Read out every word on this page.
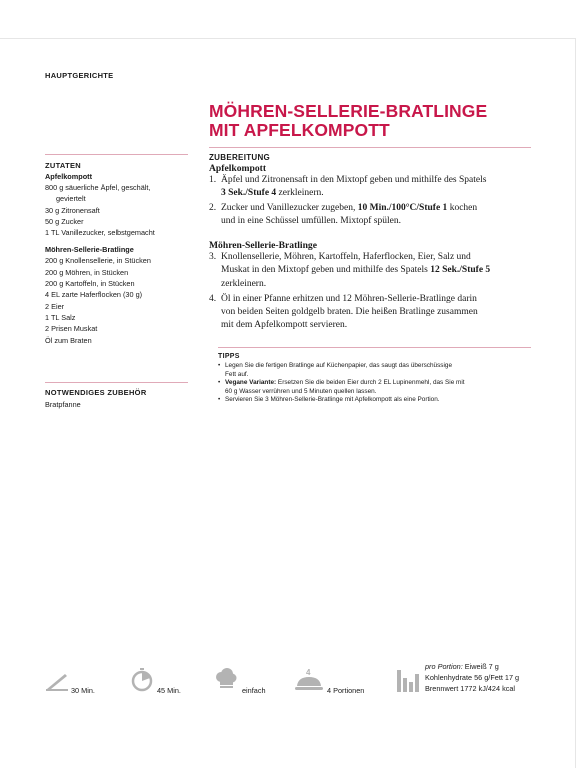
HAUPTGERICHTE
MÖHREN-SELLERIE-BRATLINGE
MIT APFELKOMPOTT

ZUTATEN

Apfelkompott

800 g säuerliche Äpfel, geschält,
geviertelt
30 g Zitronensaft
50 g Zucker
1 TL Vanillezucker, selbstgemacht

Möhren-Sellerie-Bratlinge

200 g Knollensellerie, in Stücken
200 g Möhren, in Stücken
200 g Kartoffeln, in Stücken
4 EL zarte Haferflocken (30 g)
2 Eier
1 TL Salz
2 Prisen Muskat
Öl zum Braten

NOTWENDIGES ZUBEHÖR

Bratpfanne

ZUBEREITUNG

Apfelkompott

1. Äpfel und Zitronensaft in den Mixtopf geben und mithilfe des Spatels
3 Sek./Stufe 4 zerkleinern.
2. Zucker und Vanillezucker zugeben, 10 Min./100°C/Stufe 1 kochen
und in eine Schüssel umfüllen. Mixtopf spülen.

Möhren-Sellerie-Bratlinge

3. Knollensellerie, Möhren, Kartoffeln, Haferflocken, Eier, Salz und
Muskat in den Mixtopf geben und mithilfe des Spatels 12 Sek./Stufe 5
zerkleinern.
4. Öl in einer Pfanne erhitzen und 12 Möhren-Sellerie-Bratlinge darin
von beiden Seiten goldgelb braten. Die heißen Bratlinge zusammen
mit dem Apfelkompott servieren.

TIPPS

• Legen Sie die fertigen Bratlinge auf Küchenpapier, das saugt das überschüssige
Fett auf.
• Vegane Variante: Ersetzen Sie die beiden Eier durch 2 EL Lupinenmehl, das Sie mit
60 g Wasser verrühren und 5 Minuten quellen lassen.
• Servieren Sie 3 Möhren-Sellerie-Bratlinge mit Apfelkompott als eine Portion.
30 Min.	45 Min.	einfach
4
4 Portionen
pro Portion: Eiweiß 7 g
Kohlenhydrate 56 g/Fett 17 g
Brennwert 1772 kJ/424 kcal
